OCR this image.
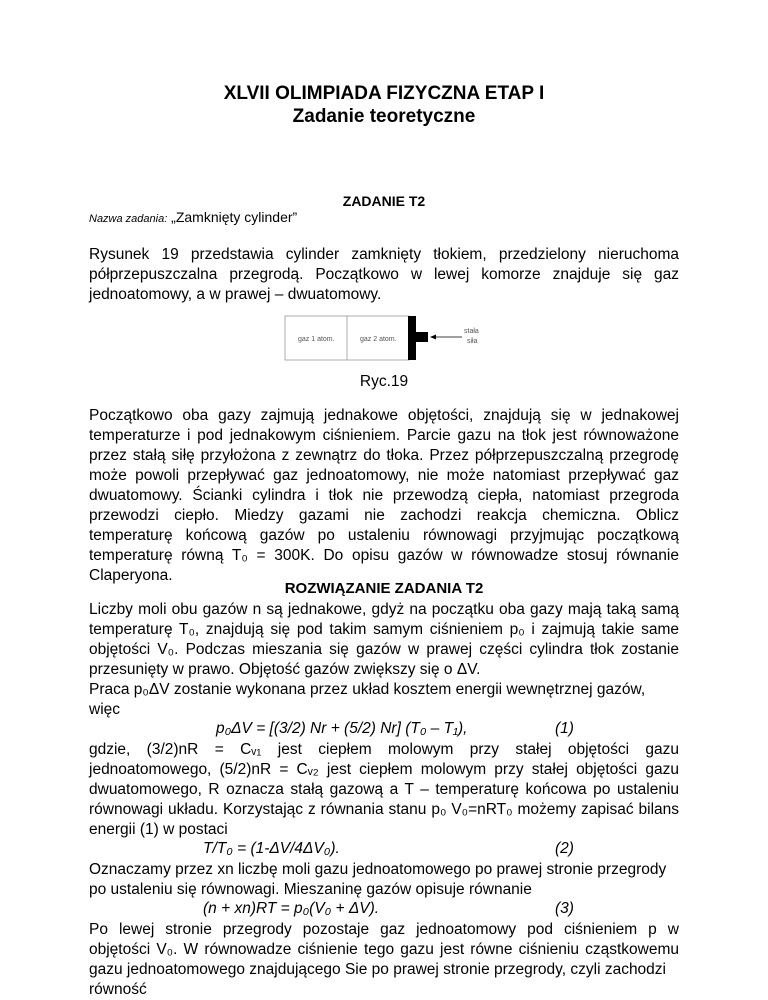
XLVII OLIMPIADA FIZYCZNA ETAP I
Zadanie teoretyczne
ZADANIE T2
Nazwa zadania: „Zamknięty cylinder”
Rysunek 19 przedstawia cylinder zamknięty tłokiem, przedzielony nieruchoma
półprzepuszczalna przegrodą. Początkowo w lewej komorze znajduje się gaz
jednoatomowy, a w prawej – dwuatomowy.
gaz 1 atom.	gaz 2 atom.
stała
siła
Ryc.19
Początkowo oba gazy zajmują jednakowe objętości, znajdują się w jednakowej
temperaturze i pod jednakowym ciśnieniem. Parcie gazu na tłok jest równoważone
przez stałą siłę przyłożona z zewnątrz do tłoka. Przez półprzepuszczalną przegrodę
może powoli przepływać gaz jednoatomowy, nie może natomiast przepływać gaz
dwuatomowy. Ścianki cylindra i tłok nie przewodzą ciepła, natomiast przegroda
przewodzi ciepło. Miedzy gazami nie zachodzi reakcja chemiczna. Oblicz
temperaturę końcową gazów po ustaleniu równowagi przyjmując początkową
temperaturę równą T₀ = 300K. Do opisu gazów w równowadze stosuj równanie
Claperyona.
ROZWIĄZANIE ZADANIA T2
Liczby moli obu gazów n są jednakowe, gdyż na początku oba gazy mają taką samą
temperaturę T₀, znajdują się pod takim samym ciśnieniem p₀ i zajmują takie same
objętości V₀. Podczas mieszania się gazów w prawej części cylindra tłok zostanie
przesunięty w prawo. Objętość gazów zwiększy się o ΔV.
Praca p₀ΔV zostanie wykonana przez układ kosztem energii wewnętrznej gazów,
więc
p₀ΔV = [(3/2) Nr + (5/2) Nr] (T₀ – T₁),	(1)
gdzie, (3/2)nR = Cᵥ₁ jest ciepłem molowym przy stałej objętości gazu
jednoatomowego, (5/2)nR = Cᵥ₂ jest ciepłem molowym przy stałej objętości gazu
dwuatomowego, R oznacza stałą gazową a T – temperaturę końcowa po ustaleniu
równowagi układu. Korzystając z równania stanu p₀ V₀=nRT₀ możemy zapisać bilans
energii (1) w postaci
T/T₀ = (1-ΔV/4ΔV₀).	(2)
Oznaczamy przez xn liczbę moli gazu jednoatomowego po prawej stronie przegrody
po ustaleniu się równowagi. Mieszaninę gazów opisuje równanie
(n + xn)RT = p₀(V₀ + ΔV).	(3)
Po lewej stronie przegrody pozostaje gaz jednoatomowy pod ciśnieniem p w
objętości V₀. W równowadze ciśnienie tego gazu jest równe ciśnieniu cząstkowemu
gazu jednoatomowego znajdującego Sie po prawej stronie przegrody, czyli zachodzi
równość
